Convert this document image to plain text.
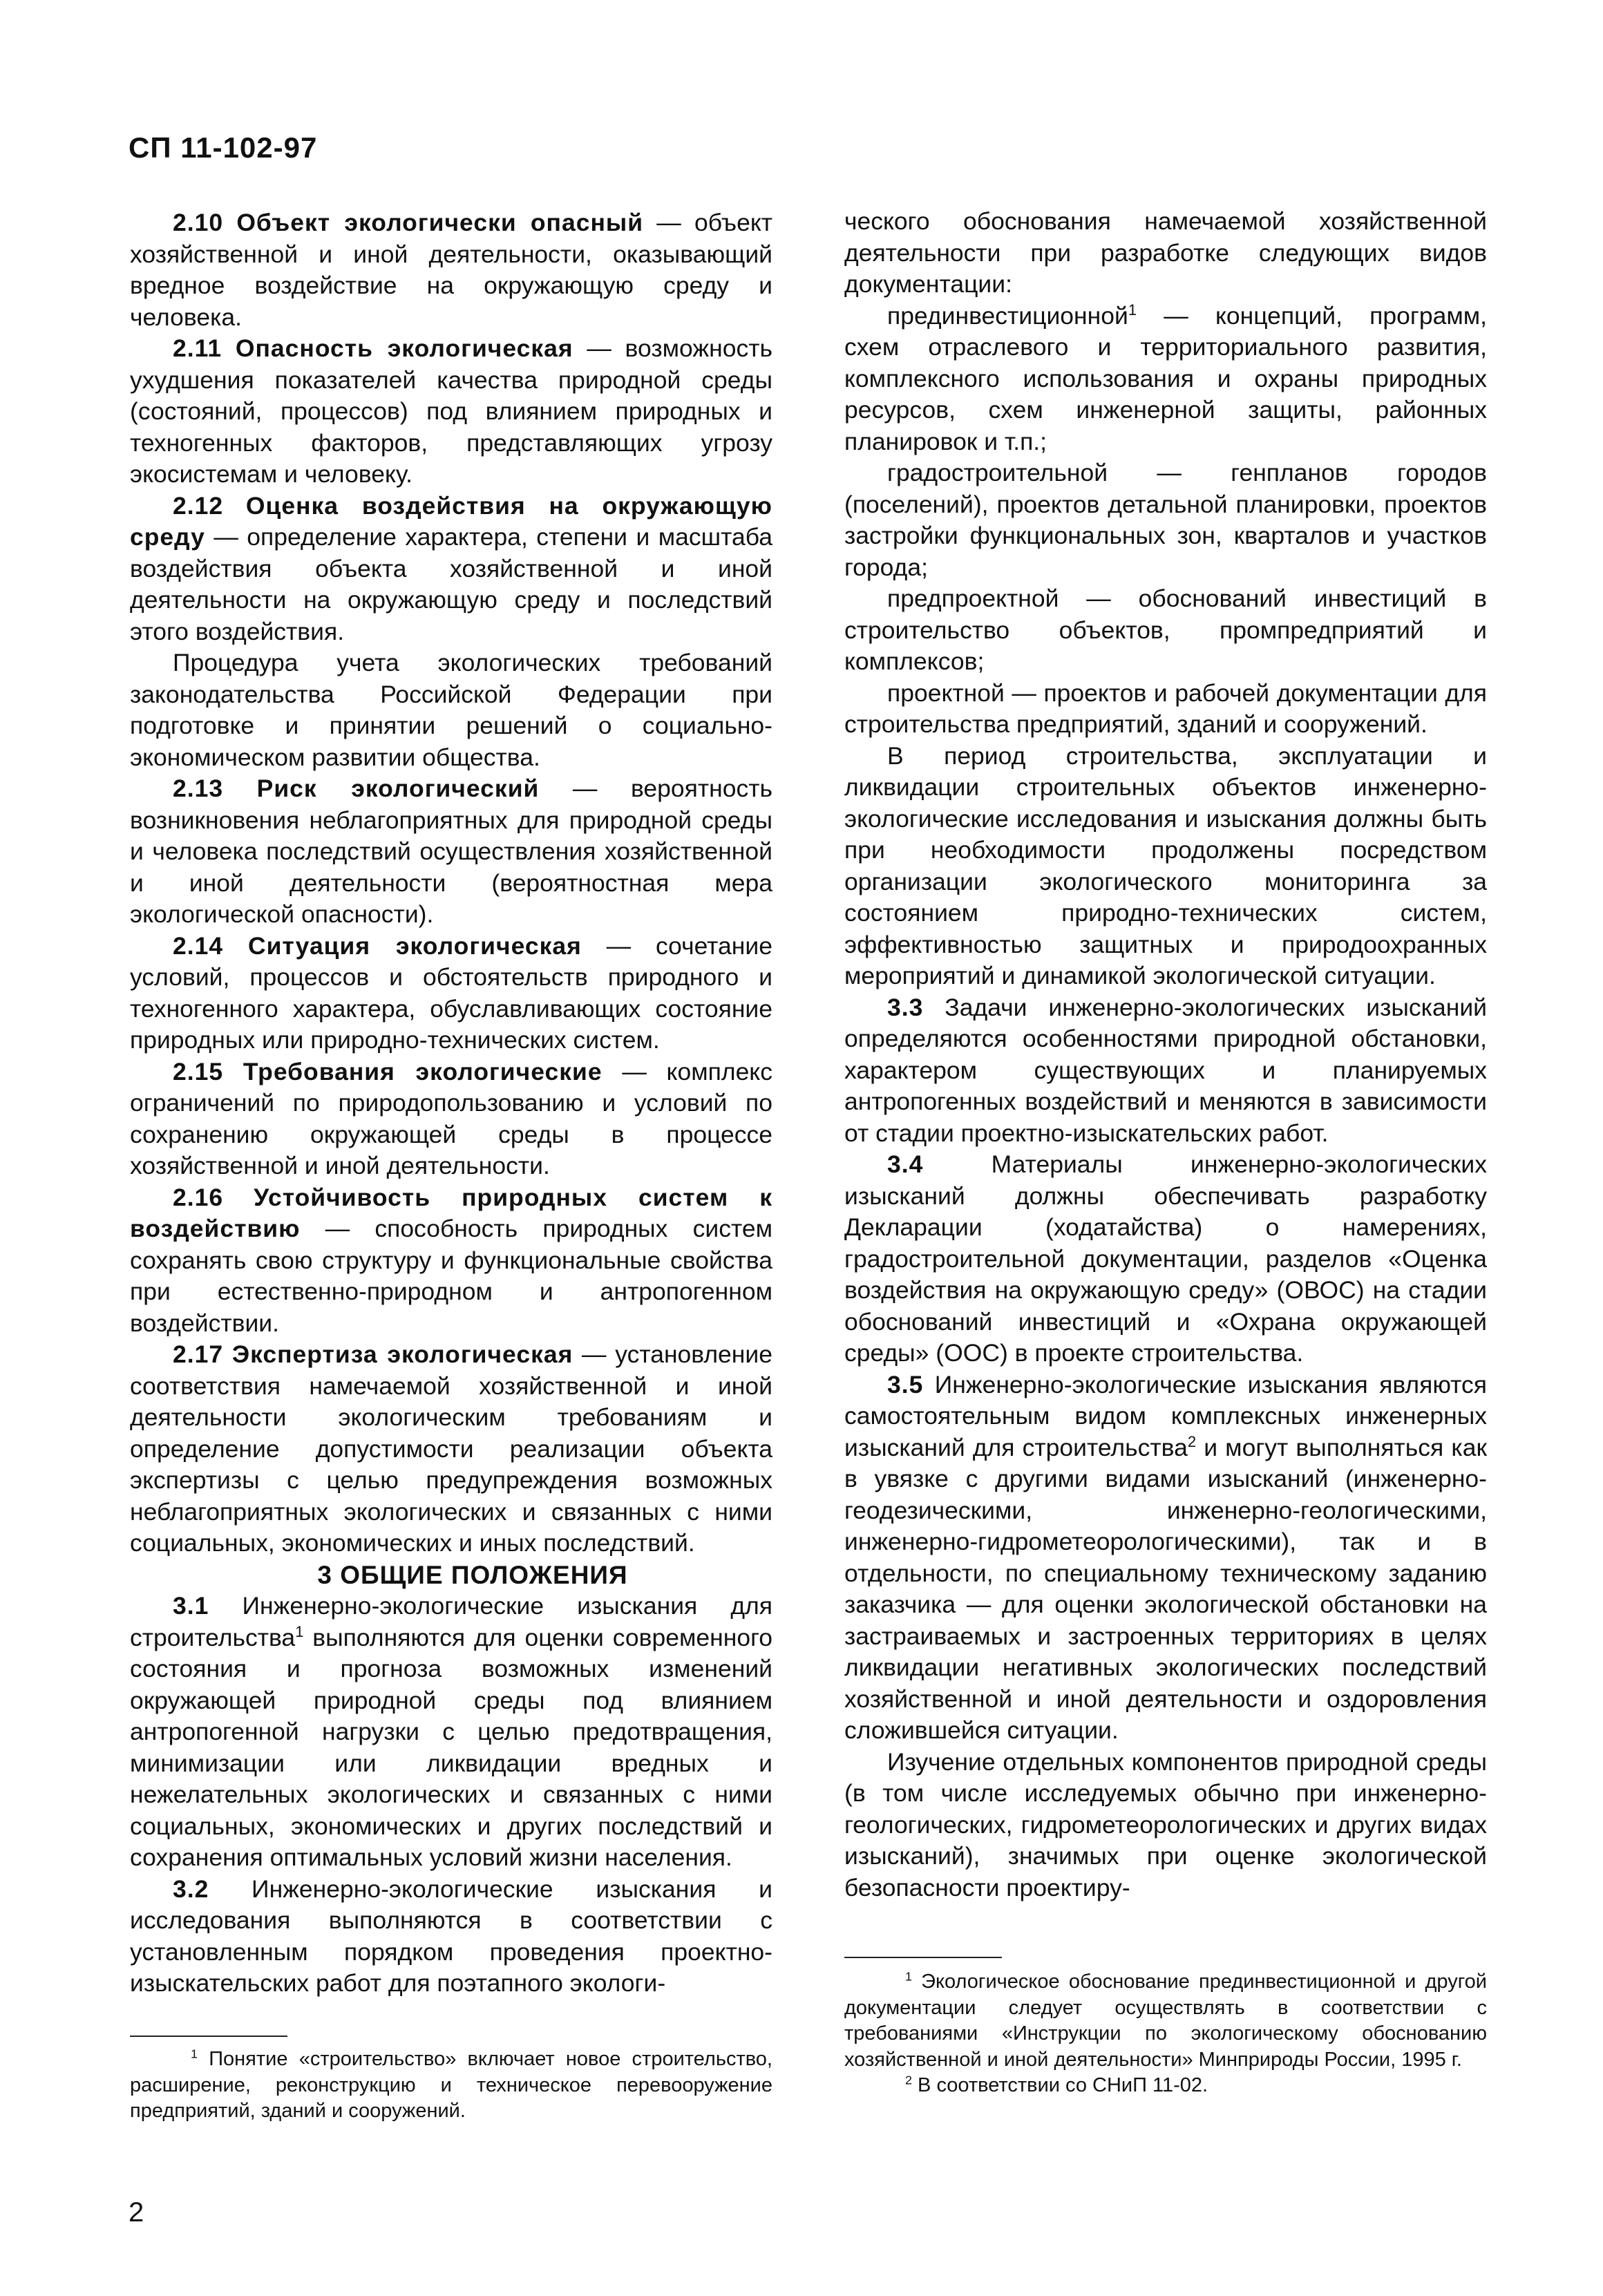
СП 11-102-97

2.10 Объект экологически опасный — объект хозяйственной и иной деятельности, оказывающий вредное воздействие на окружающую среду и человека.

2.11 Опасность экологическая — возможность ухудшения показателей качества природной среды (состояний, процессов) под влиянием природных и техногенных факторов, представляющих угрозу экосистемам и человеку.

2.12 Оценка воздействия на окружающую среду — определение характера, степени и масштаба воздействия объекта хозяйственной и иной деятельности на окружающую среду и последствий этого воздействия.

Процедура учета экологических требований законодательства Российской Федерации при подготовке и принятии решений о социально-экономическом развитии общества.

2.13 Риск экологический — вероятность возникновения неблагоприятных для природной среды и человека последствий осуществления хозяйственной и иной деятельности (вероятностная мера экологической опасности).

2.14 Ситуация экологическая — сочетание условий, процессов и обстоятельств природного и техногенного характера, обуславливающих состояние природных или природно-технических систем.

2.15 Требования экологические — комплекс ограничений по природопользованию и условий по сохранению окружающей среды в процессе хозяйственной и иной деятельности.

2.16 Устойчивость природных систем к воздействию — способность природных систем сохранять свою структуру и функциональные свойства при естественно-природном и антропогенном воздействии.

2.17 Экспертиза экологическая — установление соответствия намечаемой хозяйственной и иной деятельности экологическим требованиям и определение допустимости реализации объекта экспертизы с целью предупреждения возможных неблагоприятных экологических и связанных с ними социальных, экономических и иных последствий.

3 ОБЩИЕ ПОЛОЖЕНИЯ

3.1 Инженерно-экологические изыскания для строительства$^1$ выполняются для оценки современного состояния и прогноза возможных изменений окружающей природной среды под влиянием антропогенной нагрузки с целью предотвращения, минимизации или ликвидации вредных и нежелательных экологических и связанных с ними социальных, экономических и других последствий и сохранения оптимальных условий жизни населения.

3.2 Инженерно-экологические изыскания и исследования выполняются в соответствии с установленным порядком проведения проектно-изыскательских работ для поэтапного экологи-

ческого обоснования намечаемой хозяйственной деятельности при разработке следующих видов документации:

прединвестиционной$^1$ — концепций, программ, схем отраслевого и территориального развития, комплексного использования и охраны природных ресурсов, схем инженерной защиты, районных планировок и т.п.;

градостроительной — генпланов городов (поселений), проектов детальной планировки, проектов застройки функциональных зон, кварталов и участков города;

предпроектной — обоснований инвестиций в строительство объектов, промпредприятий и комплексов;

проектной — проектов и рабочей документации для строительства предприятий, зданий и сооружений.

В период строительства, эксплуатации и ликвидации строительных объектов инженерно-экологические исследования и изыскания должны быть при необходимости продолжены посредством организации экологического мониторинга за состоянием природно-технических систем, эффективностью защитных и природоохранных мероприятий и динамикой экологической ситуации.

3.3 Задачи инженерно-экологических изысканий определяются особенностями природной обстановки, характером существующих и планируемых антропогенных воздействий и меняются в зависимости от стадии проектно-изыскательских работ.

3.4 Материалы инженерно-экологических изысканий должны обеспечивать разработку Декларации (ходатайства) о намерениях, градостроительной документации, разделов «Оценка воздействия на окружающую среду» (ОВОС) на стадии обоснований инвестиций и «Охрана окружающей среды» (ООС) в проекте строительства.

3.5 Инженерно-экологические изыскания являются самостоятельным видом комплексных инженерных изысканий для строительства$^2$ и могут выполняться как в увязке с другими видами изысканий (инженерно-геодезическими, инженерно-геологическими, инженерно-гидрометеорологическими), так и в отдельности, по специальному техническому заданию заказчика — для оценки экологической обстановки на застраиваемых и застроенных территориях в целях ликвидации негативных экологических последствий хозяйственной и иной деятельности и оздоровления сложившейся ситуации.

Изучение отдельных компонентов природной среды (в том числе исследуемых обычно при инженерно-геологических, гидрометеорологических и других видах изысканий), значимых при оценке экологической безопасности проектиру-

$^1$ Понятие «строительство» включает новое строительство, расширение, реконструкцию и техническое перевооружение предприятий, зданий и сооружений.

$^1$ Экологическое обоснование прединвестиционной и другой документации следует осуществлять в соответствии с требованиями «Инструкции по экологическому обоснованию хозяйственной и иной деятельности» Минприроды России, 1995 г.

$^2$ В соответствии со СНиП 11-02.

2
